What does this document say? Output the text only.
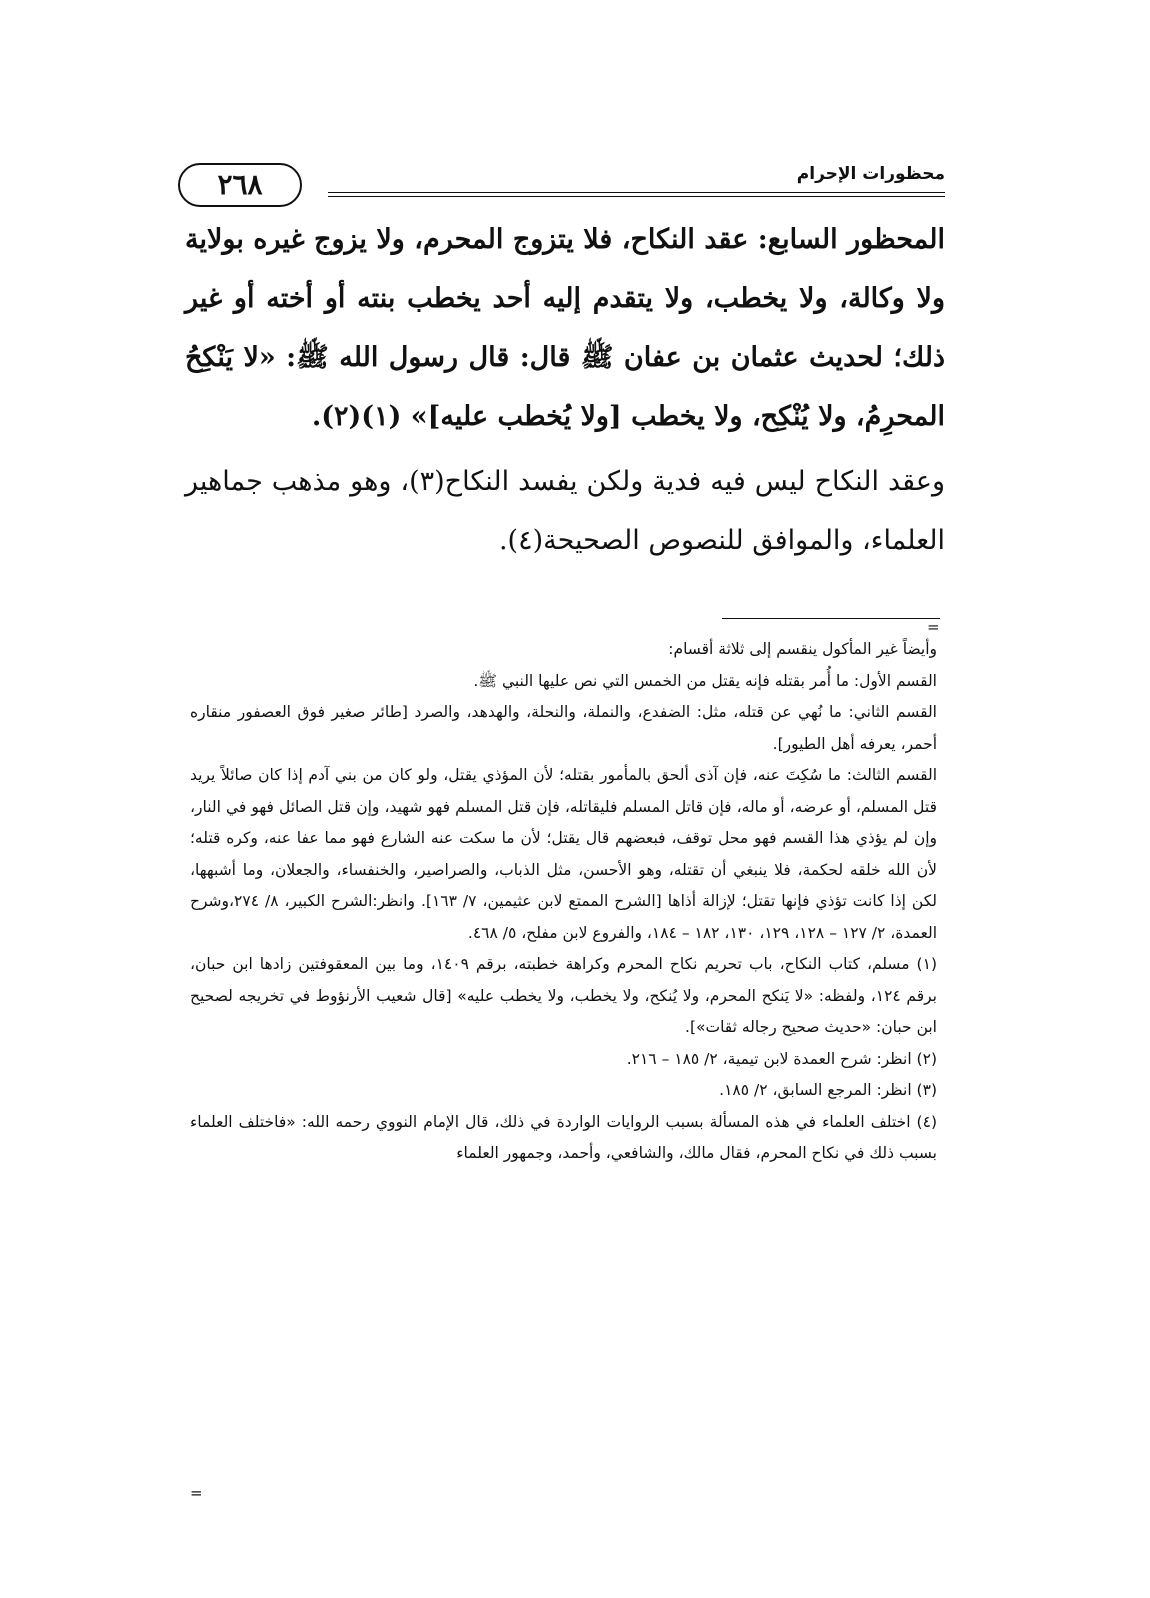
٢٦٨	محظورات الإحرام

المحظور السابع: عقد النكاح، فلا يتزوج المحرم، ولا يزوج غيره بولاية ولا وكالة، ولا يخطب، ولا يتقدم إليه أحد يخطب بنته أو أخته أو غير ذلك؛ لحديث عثمان بن عفان ﷺ قال: قال رسول الله ﷺ: «لا يَنْكِحُ المحرِمُ، ولا يُنْكِح، ولا يخطب [ولا يُخطب عليه]» (١)(٢).

وعقد النكاح ليس فيه فدية ولكن يفسد النكاح(٣)، وهو مذهب جماهير العلماء، والموافق للنصوص الصحيحة(٤).

=

وأيضاً غير المأكول ينقسم إلى ثلاثة أقسام:

القسم الأول: ما أُمر بقتله فإنه يقتل من الخمس التي نص عليها النبي ﷺ.

القسم الثاني: ما نُهي عن قتله، مثل: الضفدع، والنملة، والنحلة، والهدهد، والصرد [طائر صغير فوق العصفور منقاره أحمر، يعرفه أهل الطيور].

القسم الثالث: ما سُكِتَ عنه، فإن آذى ألحق بالمأمور بقتله؛ لأن المؤذي يقتل، ولو كان من بني آدم إذا كان صائلاً يريد قتل المسلم، أو عرضه، أو ماله، فإن قاتل المسلم فليقاتله، فإن قتل المسلم فهو شهيد، وإن قتل الصائل فهو في النار، وإن لم يؤذي هذا القسم فهو محل توقف، فبعضهم قال يقتل؛ لأن ما سكت عنه الشارع فهو مما عفا عنه، وكره قتله؛ لأن الله خلقه لحكمة، فلا ينبغي أن تقتله، وهو الأحسن، مثل الذباب، والصراصير، والخنفساء، والجعلان، وما أشبهها، لكن إذا كانت تؤذي فإنها تقتل؛ لإزالة أذاها [الشرح الممتع لابن عثيمين، ٧/ ١٦٣]. وانظر:الشرح الكبير، ٨/ ٢٧٤،وشرح العمدة، ٢/ ١٢٧ – ١٢٨، ١٢٩، ١٣٠، ١٨٢ – ١٨٤، والفروع لابن مفلح، ٥/ ٤٦٨.

(١) مسلم، كتاب النكاح، باب تحريم نكاح المحرم وكراهة خطبته، برقم ١٤٠٩، وما بين المعقوفتين زادها ابن حبان، برقم ١٢٤، ولفظه: «لا يَنكح المحرم، ولا يُنكح، ولا يخطب، ولا يخطب عليه» [قال شعيب الأرنؤوط في تخريجه لصحيح ابن حبان: «حديث صحيح رجاله ثقات»].

(٢) انظر: شرح العمدة لابن تيمية، ٢/ ١٨٥ – ٢١٦.

(٣) انظر: المرجع السابق، ٢/ ١٨٥.

(٤) اختلف العلماء في هذه المسألة بسبب الروايات الواردة في ذلك، قال الإمام النووي رحمه الله: «فاختلف العلماء بسبب ذلك في نكاح المحرم، فقال مالك، والشافعي، وأحمد، وجمهور العلماء

=
